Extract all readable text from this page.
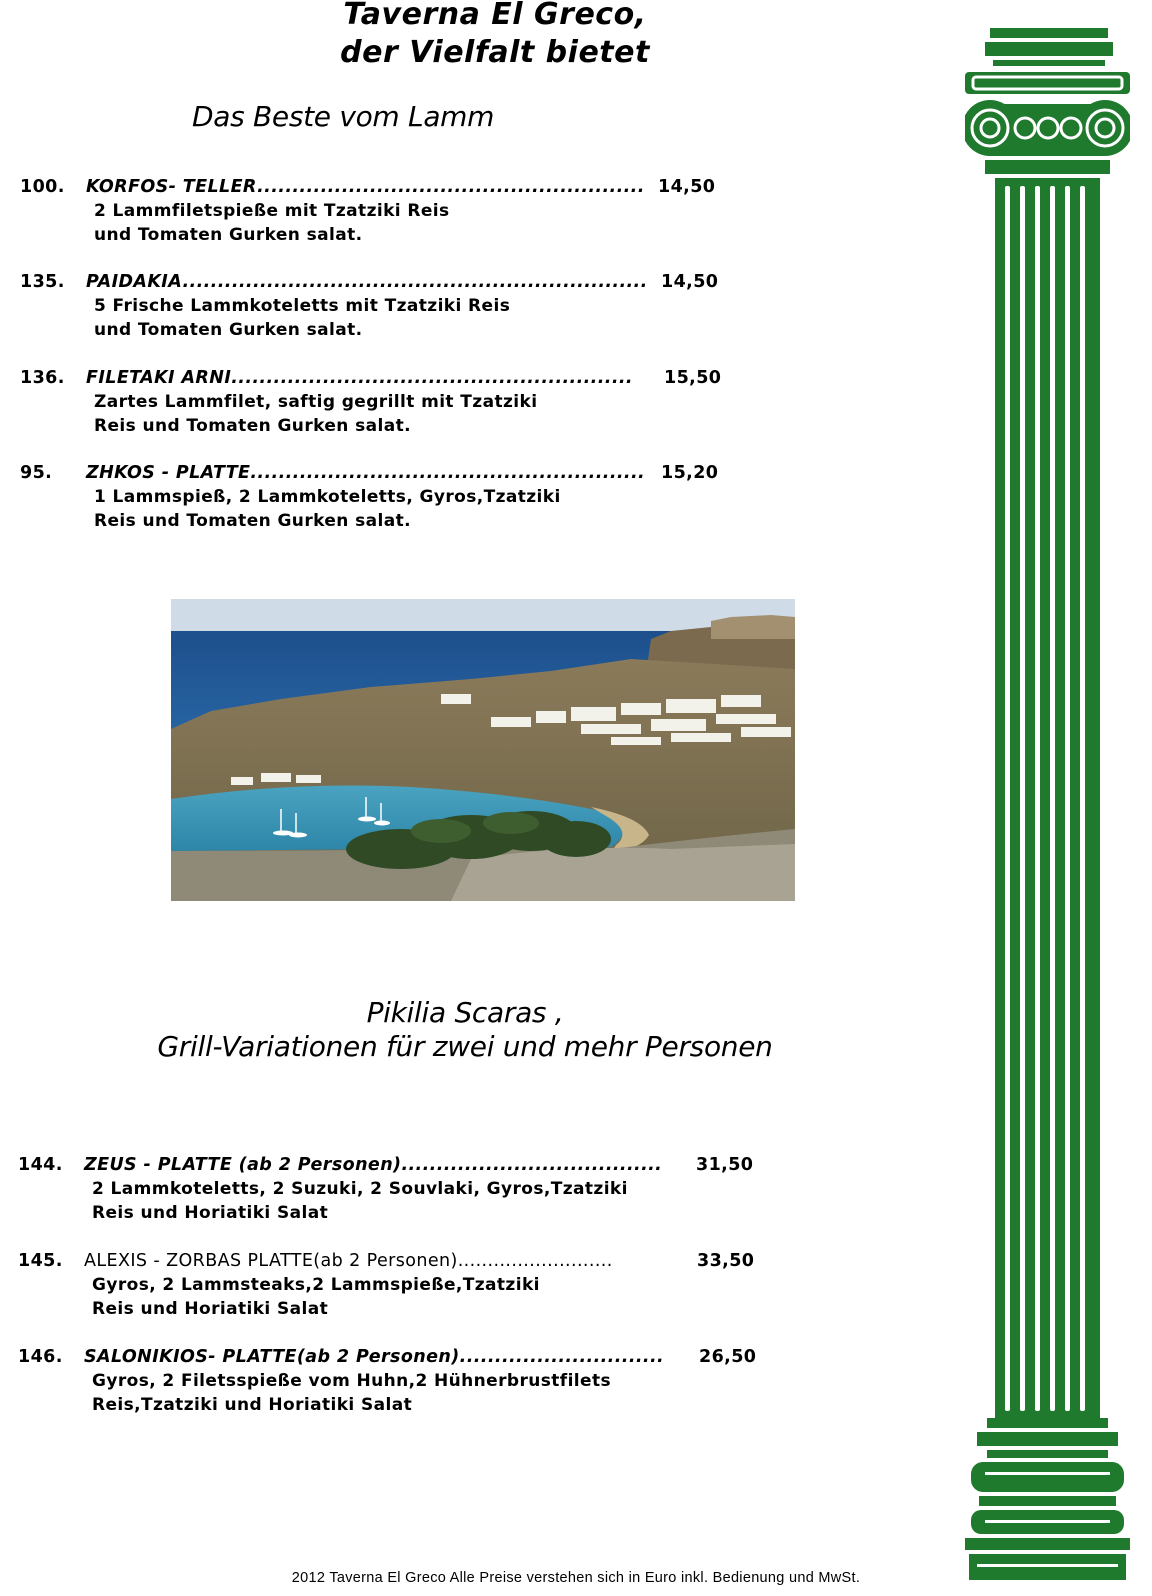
Taverna El Greco,
der Vielfalt bietet
Das Beste vom Lamm
100. KORFOS- TELLER....................................................... 14,50
2 Lammfiletspieße mit Tzatziki Reis
und Tomaten Gurken salat.
135. PAIDAKIA.................................................................. 14,50
5 Frische Lammkoteletts mit Tzatziki Reis
und Tomaten Gurken salat.
136. FILETAKI ARNI......................................................... 15,50
Zartes Lammfilet, saftig gegrillt mit Tzatziki
Reis und Tomaten Gurken salat.
95. ZHKOS - PLATTE........................................................ 15,20
1 Lammspieß, 2 Lammkoteletts, Gyros,Tzatziki
Reis und Tomaten Gurken salat.
Pikilia Scaras ,
Grill-Variationen für zwei und mehr Personen
144. ZEUS - PLATTE (ab 2 Personen)..................................... 31,50
2 Lammkoteletts, 2 Suzuki, 2 Souvlaki, Gyros,Tzatziki
Reis und Horiatiki Salat
145. ALEXIS - ZORBAS PLATTE(ab 2 Personen)..........................	33,50
Gyros, 2 Lammsteaks,2 Lammspieße,Tzatziki
Reis und Horiatiki Salat
146. SALONIKIOS- PLATTE(ab 2 Personen)............................. 26,50
Gyros, 2 Filetsspieße vom Huhn,2 Hühnerbrustfilets
Reis,Tzatziki und Horiatiki Salat
2012 Taverna El Greco Alle Preise verstehen sich in Euro inkl. Bedienung und MwSt.
